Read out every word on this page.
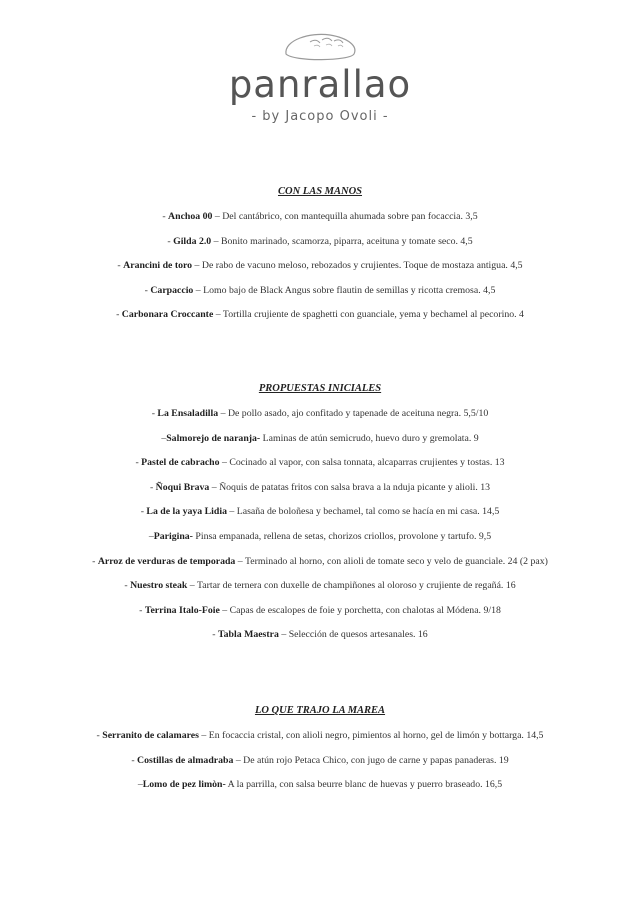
panrallao
- by Jacopo Ovoli -
CON LAS MANOS
- Anchoa 00 – Del cantábrico, con mantequilla ahumada sobre pan focaccia. 3,5
- Gilda 2.0 – Bonito marinado, scamorza, piparra, aceituna y tomate seco. 4,5
- Arancini de toro – De rabo de vacuno meloso, rebozados y crujientes. Toque de mostaza antigua. 4,5
- Carpaccio – Lomo bajo de Black Angus sobre flautin de semillas y ricotta cremosa. 4,5
- Carbonara Croccante – Tortilla crujiente de spaghetti con guanciale, yema y bechamel al pecorino. 4
PROPUESTAS INICIALES
- La Ensaladilla – De pollo asado, ajo confitado y tapenade de aceituna negra. 5,5/10
–Salmorejo de naranja- Laminas de atún semicrudo, huevo duro y gremolata. 9
- Pastel de cabracho – Cocinado al vapor, con salsa tonnata, alcaparras crujientes y tostas. 13
- Ñoqui Brava – Ñoquis de patatas fritos con salsa brava a la nduja picante y alioli. 13
- La de la yaya Lidia – Lasaña de boloñesa y bechamel, tal como se hacía en mi casa. 14,5
–Parigina- Pinsa empanada, rellena de setas, chorizos criollos, provolone y tartufo. 9,5
- Arroz de verduras de temporada – Terminado al horno, con alioli de tomate seco y velo de guanciale. 24 (2 pax)
- Nuestro steak – Tartar de ternera con duxelle de champiñones al oloroso y crujiente de regañá. 16
- Terrina Italo-Foie – Capas de escalopes de foie y porchetta, con chalotas al Módena. 9/18
- Tabla Maestra – Selección de quesos artesanales. 16
LO QUE TRAJO LA MAREA
- Serranito de calamares – En focaccia cristal, con alioli negro, pimientos al horno, gel de limón y bottarga. 14,5
- Costillas de almadraba – De atún rojo Petaca Chico, con jugo de carne y papas panaderas. 19
–Lomo de pez limòn- A la parrilla, con salsa beurre blanc de huevas y puerro braseado. 16,5
